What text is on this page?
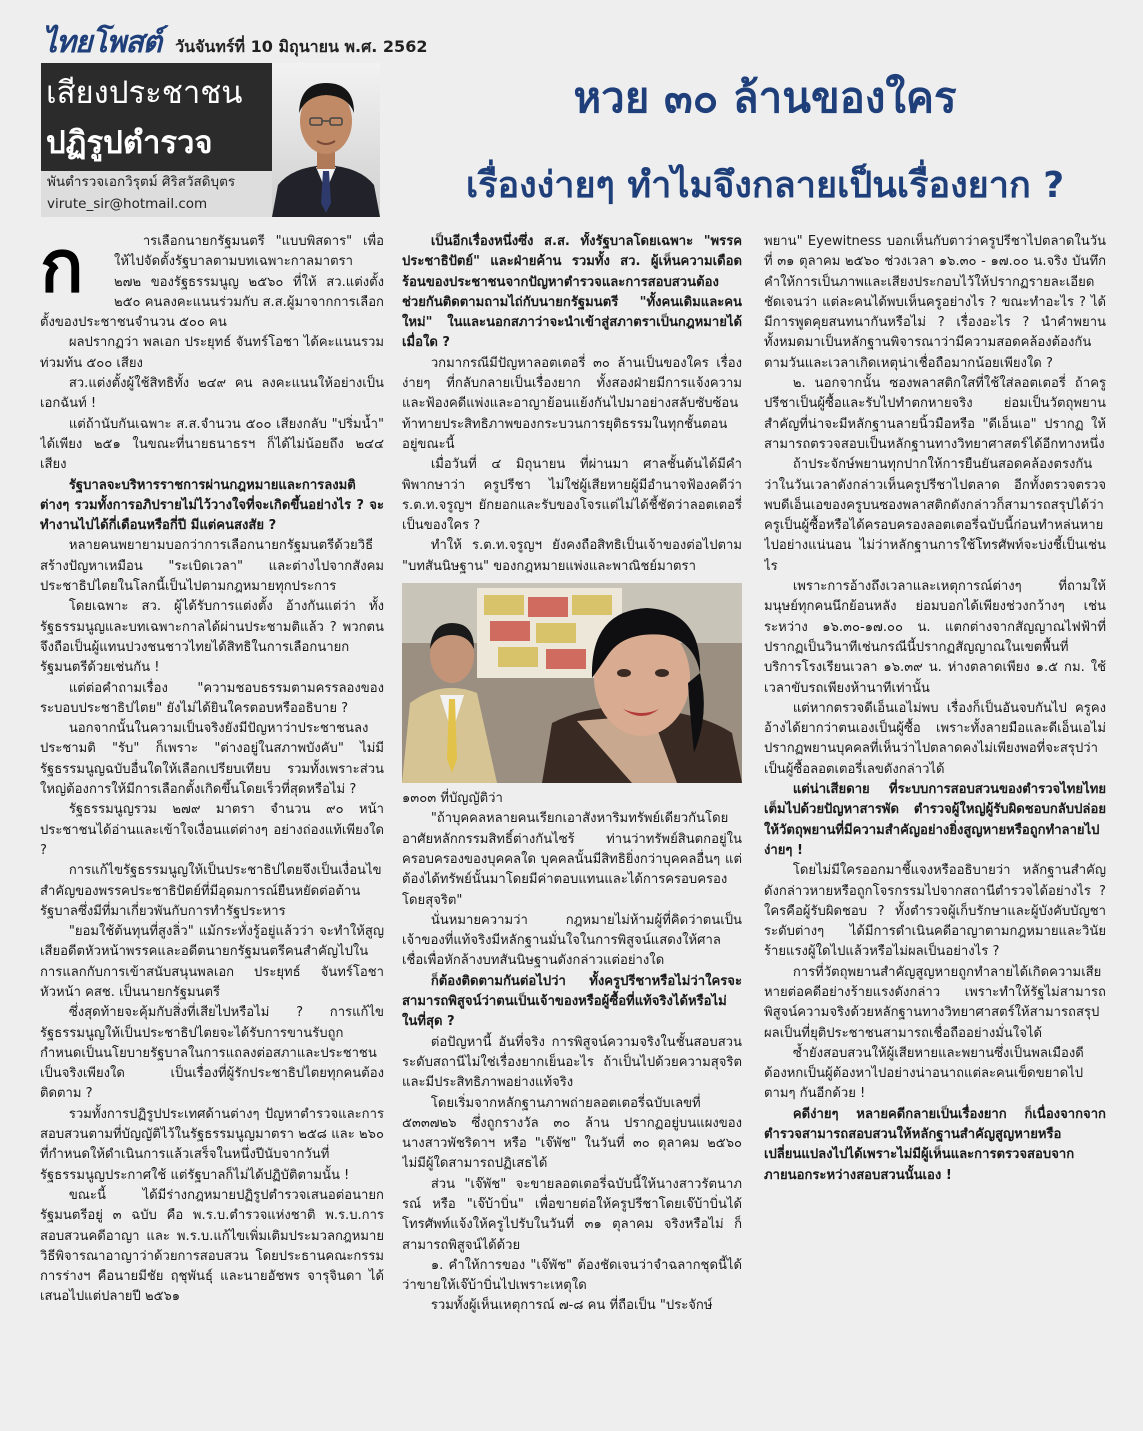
ไทยโพสต์ วันจันทร์ที่ 10 มิถุนายน พ.ศ. 2562
เสียงประชาชน
ปฏิรูปตำรวจ
พันตำรวจเอกวิรุตม์ ศิริสวัสดิบุตร
virute_sir@hotmail.com
หวย ๓๐ ล้านของใคร
เรื่องง่ายๆ ทำไมจึงกลายเป็นเรื่องยาก ?
ก	ารเลือกนายกรัฐมนตรี "แบบพิสดาร" เพื่อให้ไปจัดตั้งรัฐบาลตามบทเฉพาะกาลมาตรา ๒๗๒ ของรัฐธรรมนูญ ๒๕๖๐ ที่ให้ สว.แต่งตั้ง ๒๕๐ คนลงคะแนนร่วมกับ ส.ส.ผู้มาจากการเลือกตั้งของประชาชนจำนวน ๕๐๐ คน

ผลปรากฏว่า พลเอก ประยุทธ์ จันทร์โอชา ได้คะแนนรวมท่วมท้น ๕๐๐ เสียง

สว.แต่งตั้งผู้ใช้สิทธิทั้ง ๒๔๙ คน ลงคะแนนให้อย่างเป็นเอกฉันท์ !

แต่ถ้านับกันเฉพาะ ส.ส.จำนวน ๕๐๐ เสียงกลับ "ปริ่มน้ำ" ได้เพียง ๒๕๑ ในขณะที่นายธนาธรฯ ก็ได้ไม่น้อยถึง ๒๔๔ เสียง

รัฐบาลจะบริหารราชการผ่านกฎหมายและการลงมติต่างๆ รวมทั้งการอภิปรายไม่ไว้วางใจที่จะเกิดขึ้นอย่างไร ? จะทำงานไปได้กี่เดือนหรือกี่ปี มีแต่คนสงสัย ?

หลายคนพยายามบอกว่าการเลือกนายกรัฐมนตรีด้วยวิธีสร้างปัญหาเหมือน "ระเบิดเวลา" และต่างไปจากสังคมประชาธิปไตยในโลกนี้เป็นไปตามกฎหมายทุกประการ

โดยเฉพาะ สว. ผู้ได้รับการแต่งตั้ง อ้างกันแต่ว่า ทั้งรัฐธรรมนูญและบทเฉพาะกาลได้ผ่านประชามติแล้ว ? พวกตนจึงถือเป็นผู้แทนปวงชนชาวไทยได้สิทธิในการเลือกนายกรัฐมนตรีด้วยเช่นกัน !

แต่ต่อคำถามเรื่อง "ความชอบธรรมตามครรลองของระบอบประชาธิปไตย" ยังไม่ได้ยินใครตอบหรืออธิบาย ?

นอกจากนั้นในความเป็นจริงยังมีปัญหาว่าประชาชนลงประชามติ "รับ" ก็เพราะ "ต่างอยู่ในสภาพบังคับ" ไม่มีรัฐธรรมนูญฉบับอื่นใดให้เลือกเปรียบเทียบ รวมทั้งเพราะส่วนใหญ่ต้องการให้มีการเลือกตั้งเกิดขึ้นโดยเร็วที่สุดหรือไม่ ?

รัฐธรรมนูญรวม ๒๗๙ มาตรา จำนวน ๙๐ หน้า ประชาชนได้อ่านและเข้าใจเงื่อนแต่ต่างๆ อย่างถ่องแท้เพียงใด ?

การแก้ไขรัฐธรรมนูญให้เป็นประชาธิปไตยจึงเป็นเงื่อนไขสำคัญของพรรคประชาธิปัตย์ที่มีอุดมการณ์ยืนหยัดต่อต้านรัฐบาลซึ่งมีที่มาเกี่ยวพันกับการทำรัฐประหาร

"ยอมใช้ต้นทุนที่สูงลิ่ว" แม้กระทั่งรู้อยู่แล้วว่า จะทำให้สูญเสียอดีตหัวหน้าพรรคและอดีตนายกรัฐมนตรีคนสำคัญไปในการแลกกับการเข้าสนับสนุนพลเอก ประยุทธ์ จันทร์โอชา หัวหน้า คสช. เป็นนายกรัฐมนตรี

ซึ่งสุดท้ายจะคุ้มกับสิ่งที่เสียไปหรือไม่ ? การแก้ไขรัฐธรรมนูญให้เป็นประชาธิปไตยจะได้รับการขานรับถูกกำหนดเป็นนโยบายรัฐบาลในการแถลงต่อสภาและประชาชนเป็นจริงเพียงใด เป็นเรื่องที่ผู้รักประชาธิปไตยทุกคนต้องติดตาม ?

รวมทั้งการปฏิรูปประเทศด้านต่างๆ ปัญหาตำรวจและการสอบสวนตามที่บัญญัติไว้ในรัฐธรรมนูญมาตรา ๒๕๘ และ ๒๖๐ ที่กำหนดให้ดำเนินการแล้วเสร็จในหนึ่งปีนับจากวันที่รัฐธรรมนูญประกาศใช้ แต่รัฐบาลก็ไม่ได้ปฏิบัติตามนั้น !

ขณะนี้ ได้มีร่างกฎหมายปฏิรูปตำรวจเสนอต่อนายกรัฐมนตรีอยู่ ๓ ฉบับ คือ พ.ร.บ.ตำรวจแห่งชาติ พ.ร.บ.การสอบสวนคดีอาญา และ พ.ร.บ.แก้ไขเพิ่มเติมประมวลกฎหมายวิธีพิจารณาอาญาว่าด้วยการสอบสวน โดยประธานคณะกรรมการร่างฯ คือนายมีชัย ฤชุพันธุ์ และนายอัชพร จารุจินดา ได้เสนอไปแต่ปลายปี ๒๕๖๑

เป็นอีกเรื่องหนึ่งซึ่ง ส.ส. ทั้งรัฐบาลโดยเฉพาะ "พรรคประชาธิปัตย์" และฝ่ายค้าน รวมทั้ง สว. ผู้เห็นความเดือดร้อนของประชาชนจากปัญหาตำรวจและการสอบสวนต้องช่วยกันติดตามถามไถ่กับนายกรัฐมนตรี "ทั้งคนเดิมและคนใหม่" ในและนอกสภาว่าจะนำเข้าสู่สภาตราเป็นกฎหมายได้เมื่อใด ?

วกมากรณีมีปัญหาลอตเตอรี่ ๓๐ ล้านเป็นของใคร เรื่องง่ายๆ ที่กลับกลายเป็นเรื่องยาก ทั้งสองฝ่ายมีการแจ้งความและฟ้องคดีแพ่งและอาญาย้อนแย้งกันไปมาอย่างสลับซับซ้อนท้าทายประสิทธิภาพของกระบวนการยุติธรรมในทุกชั้นตอนอยู่ขณะนี้

เมื่อวันที่ ๔ มิถุนายน ที่ผ่านมา ศาลชั้นต้นได้มีคำพิพากษาว่า ครูปรีชา ไม่ใช่ผู้เสียหายผู้มีอำนาจฟ้องคดีว่า ร.ต.ท.จรูญฯ ยักยอกและรับของโจรแต่ไม่ได้ชี้ชัดว่าลอตเตอรี่เป็นของใคร ?

ทำให้ ร.ต.ท.จรูญฯ ยังคงถือสิทธิเป็นเจ้าของต่อไปตาม "บทสันนิษฐาน" ของกฎหมายแพ่งและพาณิชย์มาตรา

๑๓๐๓ ที่บัญญัติว่า

"ถ้าบุคคลหลายคนเรียกเอาสังหาริมทรัพย์เดียวกันโดยอาศัยหลักกรรมสิทธิ์ต่างกันไซร้ ท่านว่าทรัพย์สินตกอยู่ในครอบครองของบุคคลใด บุคคลนั้นมีสิทธิยิ่งกว่าบุคคลอื่นๆ แต่ต้องได้ทรัพย์นั้นมาโดยมีค่าตอบแทนและได้การครอบครองโดยสุจริต"

นั่นหมายความว่า กฎหมายไม่ห้ามผู้ที่คิดว่าตนเป็นเจ้าของที่แท้จริงมีหลักฐานมั่นใจในการพิสูจน์แสดงให้ศาลเชื่อเพื่อหักล้างบทสันนิษฐานดังกล่าวแต่อย่างใด

ก็ต้องติดตามกันต่อไปว่า ทั้งครูปรีชาหรือไม่ว่าใครจะสามารถพิสูจน์ว่าตนเป็นเจ้าของหรือผู้ซื้อที่แท้จริงได้หรือไม่ในที่สุด ?

ต่อปัญหานี้ อันที่จริง การพิสูจน์ความจริงในชั้นสอบสวนระดับสถานีไม่ใช่เรื่องยากเย็นอะไร ถ้าเป็นไปด้วยความสุจริตและมีประสิทธิภาพอย่างแท้จริง

โดยเริ่มจากหลักฐานภาพถ่ายลอตเตอรี่ฉบับเลขที่ ๕๓๓๗๒๖ ซึ่งถูกรางวัล ๓๐ ล้าน ปรากฏอยู่บนแผงของนางสาวพัชริดาฯ หรือ "เจ๊พัช" ในวันที่ ๓๐ ตุลาคม ๒๕๖๐ ไม่มีผู้ใดสามารถปฏิเสธได้

ส่วน "เจ๊พัช" จะขายลอตเตอรี่ฉบับนี้ให้นางสาวรัตนาภรณ์ หรือ "เจ๊บ้าบิ่น" เพื่อขายต่อให้ครูปรีชาโดยเจ๊บ้าบิ่นได้โทรศัพท์แจ้งให้ครูไปรับในวันที่ ๓๑ ตุลาคม จริงหรือไม่ ก็สามารถพิสูจน์ได้ด้วย

๑. คำให้การของ "เจ๊พัช" ต้องชัดเจนว่าจำฉลากชุดนี้ได้ว่าขายให้เจ๊บ้าบิ่นไปเพราะเหตุใด

รวมทั้งผู้เห็นเหตุการณ์ ๗-๘ คน ที่ถือเป็น "ประจักษ์

พยาน" Eyewitness บอกเห็นกับตาว่าครูปรีชาไปตลาดในวันที่ ๓๑ ตุลาคม ๒๕๖๐ ช่วงเวลา ๑๖.๓๐ - ๑๗.๐๐ น.จริง บันทึกคำให้การเป็นภาพและเสียงประกอบไว้ให้ปรากฏรายละเอียดชัดเจนว่า แต่ละคนได้พบเห็นครูอย่างไร ? ขณะทำอะไร ? ได้มีการพูดคุยสนทนากันหรือไม่ ? เรื่องอะไร ? นำคำพยานทั้งหมดมาเป็นหลักฐานพิจารณาว่ามีความสอดคล้องต้องกันตามวันและเวลาเกิดเหตุน่าเชื่อถือมากน้อยเพียงใด ?

๒. นอกจากนั้น ซองพลาสติกใสที่ใช้ใส่ลอตเตอรี่ ถ้าครูปรีชาเป็นผู้ซื้อและรับไปทำตกหายจริง ย่อมเป็นวัตถุพยานสำคัญที่น่าจะมีหลักฐานลายนิ้วมือหรือ "ดีเอ็นเอ" ปรากฏ ให้สามารถตรวจสอบเป็นหลักฐานทางวิทยาศาสตร์ได้อีกทางหนึ่ง

ถ้าประจักษ์พยานทุกปากให้การยืนยันสอดคล้องตรงกันว่าในวันเวลาดังกล่าวเห็นครูปรีชาไปตลาด อีกทั้งตรวจตรวจพบดีเอ็นเอของครูบนซองพลาสติกดังกล่าวก็สามารถสรุปได้ว่า ครูเป็นผู้ซื้อหรือได้ครอบครองลอตเตอรี่ฉบับนี้ก่อนทำหล่นหายไปอย่างแน่นอน ไม่ว่าหลักฐานการใช้โทรศัพท์จะบ่งชี้เป็นเช่นไร

เพราะการอ้างถึงเวลาและเหตุการณ์ต่างๆ ที่ถามให้มนุษย์ทุกคนนึกย้อนหลัง ย่อมบอกได้เพียงช่วงกว้างๆ เช่น ระหว่าง ๑๖.๓๐-๑๗.๐๐ น. แตกต่างจากสัญญาณไฟฟ้าที่ปรากฏเป็นวินาทีเช่นกรณีนี้ปรากฏสัญญาณในเขตพื้นที่บริการโรงเรียนเวลา ๑๖.๓๙ น. ห่างตลาดเพียง ๑.๕ กม. ใช้เวลาขับรถเพียงห้านาทีเท่านั้น

แต่หากตรวจดีเอ็นเอไม่พบ เรื่องก็เป็นอันจบกันไป ครูคงอ้างได้ยากว่าตนเองเป็นผู้ซื้อ เพราะทั้งลายมือและดีเอ็นเอไม่ปรากฏพยานบุคคลที่เห็นว่าไปตลาดคงไม่เพียงพอที่จะสรุปว่าเป็นผู้ซื้อลอตเตอรี่เลขดังกล่าวได้

แต่น่าเสียดาย ที่ระบบการสอบสวนของตำรวจไทยไทยเต็มไปด้วยปัญหาสารพัด ตำรวจผู้ใหญ่ผู้รับผิดชอบกลับปล่อยให้วัตถุพยานที่มีความสำคัญอย่างยิ่งสูญหายหรือถูกทำลายไปง่ายๆ !

โดยไม่มีใครออกมาชี้แจงหรืออธิบายว่า หลักฐานสำคัญดังกล่าวหายหรือถูกโจรกรรมไปจากสถานีตำรวจได้อย่างไร ? ใครคือผู้รับผิดชอบ ? ทั้งตำรวจผู้เก็บรักษาและผู้บังคับบัญชาระดับต่างๆ ได้มีการดำเนินคดีอาญาตามกฎหมายและวินัยร้ายแรงผู้ใดไปแล้วหรือไม่ผลเป็นอย่างไร ?

การที่วัตถุพยานสำคัญสูญหายถูกทำลายได้เกิดความเสียหายต่อคดีอย่างร้ายแรงดังกล่าว เพราะทำให้รัฐไม่สามารถพิสูจน์ความจริงด้วยหลักฐานทางวิทยาศาสตร์ให้สามารถสรุปผลเป็นที่ยุติประชาชนสามารถเชื่อถืออย่างมั่นใจได้

ซ้ำยังสอบสวนให้ผู้เสียหายและพยานซึ่งเป็นพลเมืองดีต้องหกเป็นผู้ต้องหาไปอย่างน่าอนาถแต่ละคนเข็ดขยาดไปตามๆ กันอีกด้วย !

คดีง่ายๆ หลายคดีกลายเป็นเรื่องยาก ก็เนื่องจากจากตำรวจสามารถสอบสวนให้หลักฐานสำคัญสูญหายหรือเปลี่ยนแปลงไปได้เพราะไม่มีผู้เห็นและการตรวจสอบจากภายนอกระหว่างสอบสวนนั้นเอง !
